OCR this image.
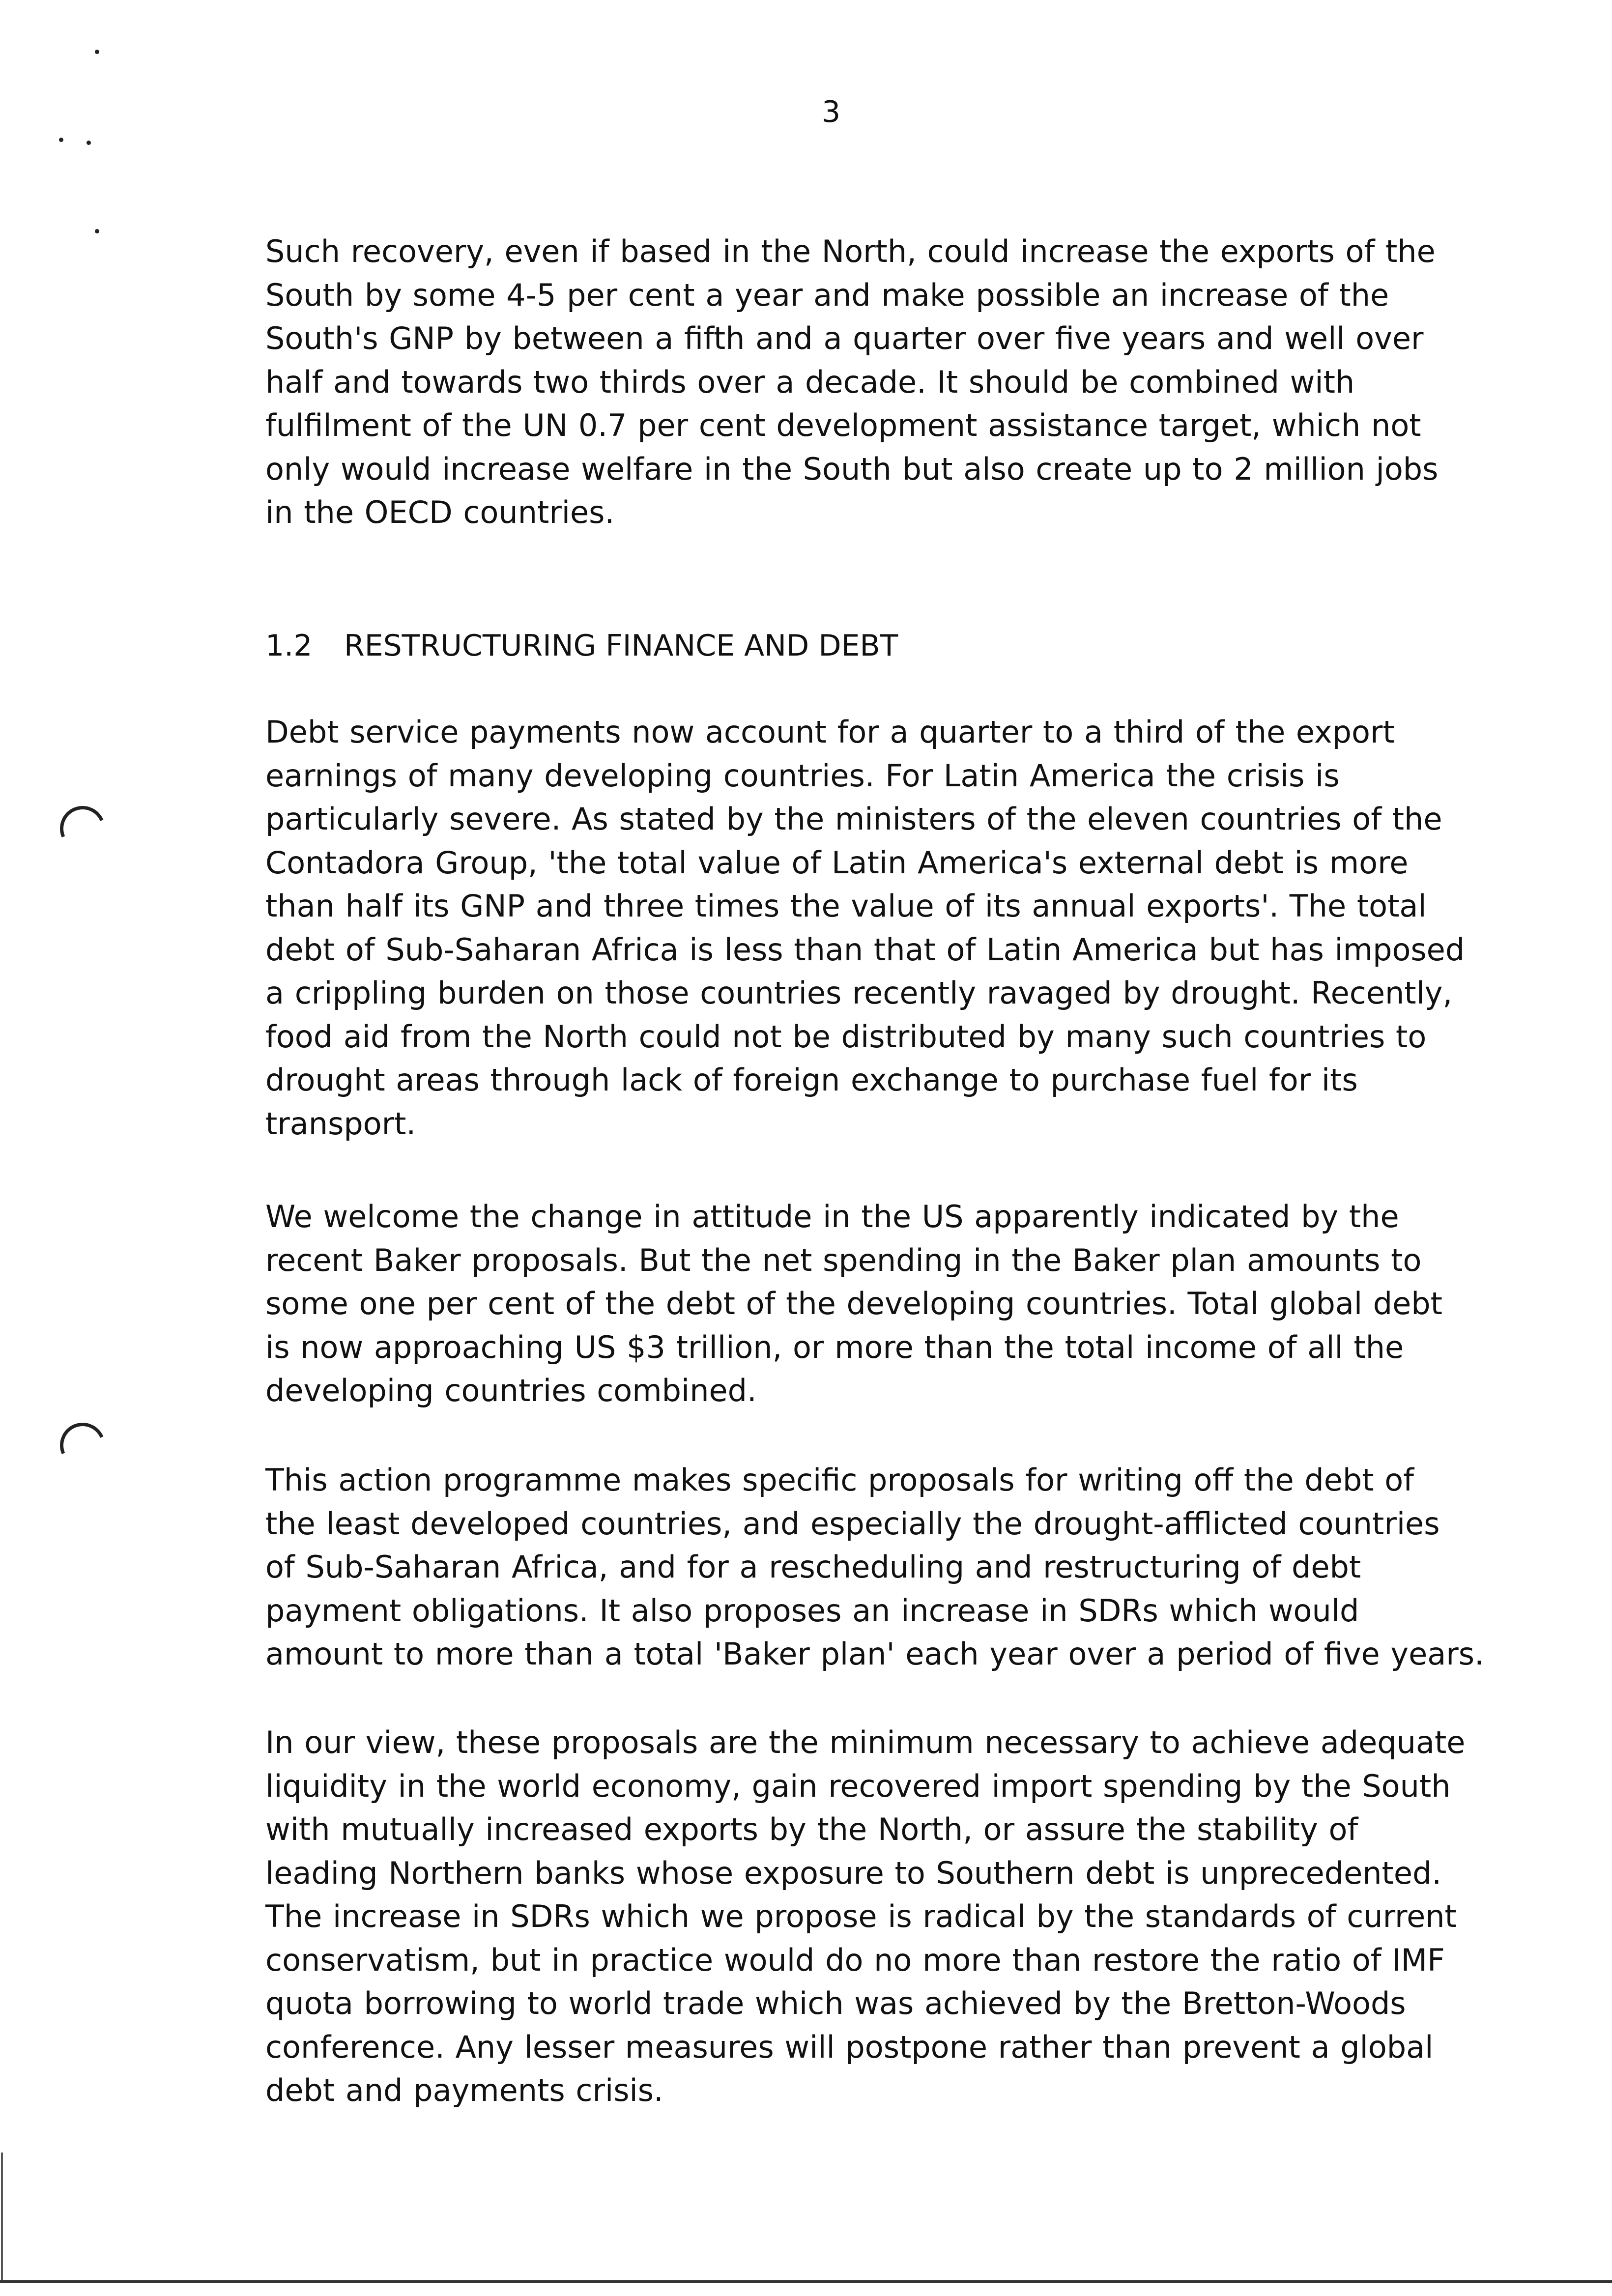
3
Such recovery, even if based in the North, could increase the exports of the
South by some 4-5 per cent a year and make possible an increase of the
South's GNP by between a fifth and a quarter over five years and well over
half and towards two thirds over a decade. It should be combined with
fulfilment of the UN 0.7 per cent development assistance target, which not
only would increase welfare in the South but also create up to 2 million jobs
in the OECD countries.
1.2 RESTRUCTURING FINANCE AND DEBT
Debt service payments now account for a quarter to a third of the export
earnings of many developing countries. For Latin America the crisis is
particularly severe. As stated by the ministers of the eleven countries of the
Contadora Group, 'the total value of Latin America's external debt is more
than half its GNP and three times the value of its annual exports'. The total
debt of Sub-Saharan Africa is less than that of Latin America but has imposed
a crippling burden on those countries recently ravaged by drought. Recently,
food aid from the North could not be distributed by many such countries to
drought areas through lack of foreign exchange to purchase fuel for its
transport.
We welcome the change in attitude in the US apparently indicated by the
recent Baker proposals. But the net spending in the Baker plan amounts to
some one per cent of the debt of the developing countries. Total global debt
is now approaching US $3 trillion, or more than the total income of all the
developing countries combined.
This action programme makes specific proposals for writing off the debt of
the least developed countries, and especially the drought-afflicted countries
of Sub-Saharan Africa, and for a rescheduling and restructuring of debt
payment obligations. It also proposes an increase in SDRs which would
amount to more than a total 'Baker plan' each year over a period of five years.
In our view, these proposals are the minimum necessary to achieve adequate
liquidity in the world economy, gain recovered import spending by the South
with mutually increased exports by the North, or assure the stability of
leading Northern banks whose exposure to Southern debt is unprecedented.
The increase in SDRs which we propose is radical by the standards of current
conservatism, but in practice would do no more than restore the ratio of IMF
quota borrowing to world trade which was achieved by the Bretton-Woods
conference. Any lesser measures will postpone rather than prevent a global
debt and payments crisis.
